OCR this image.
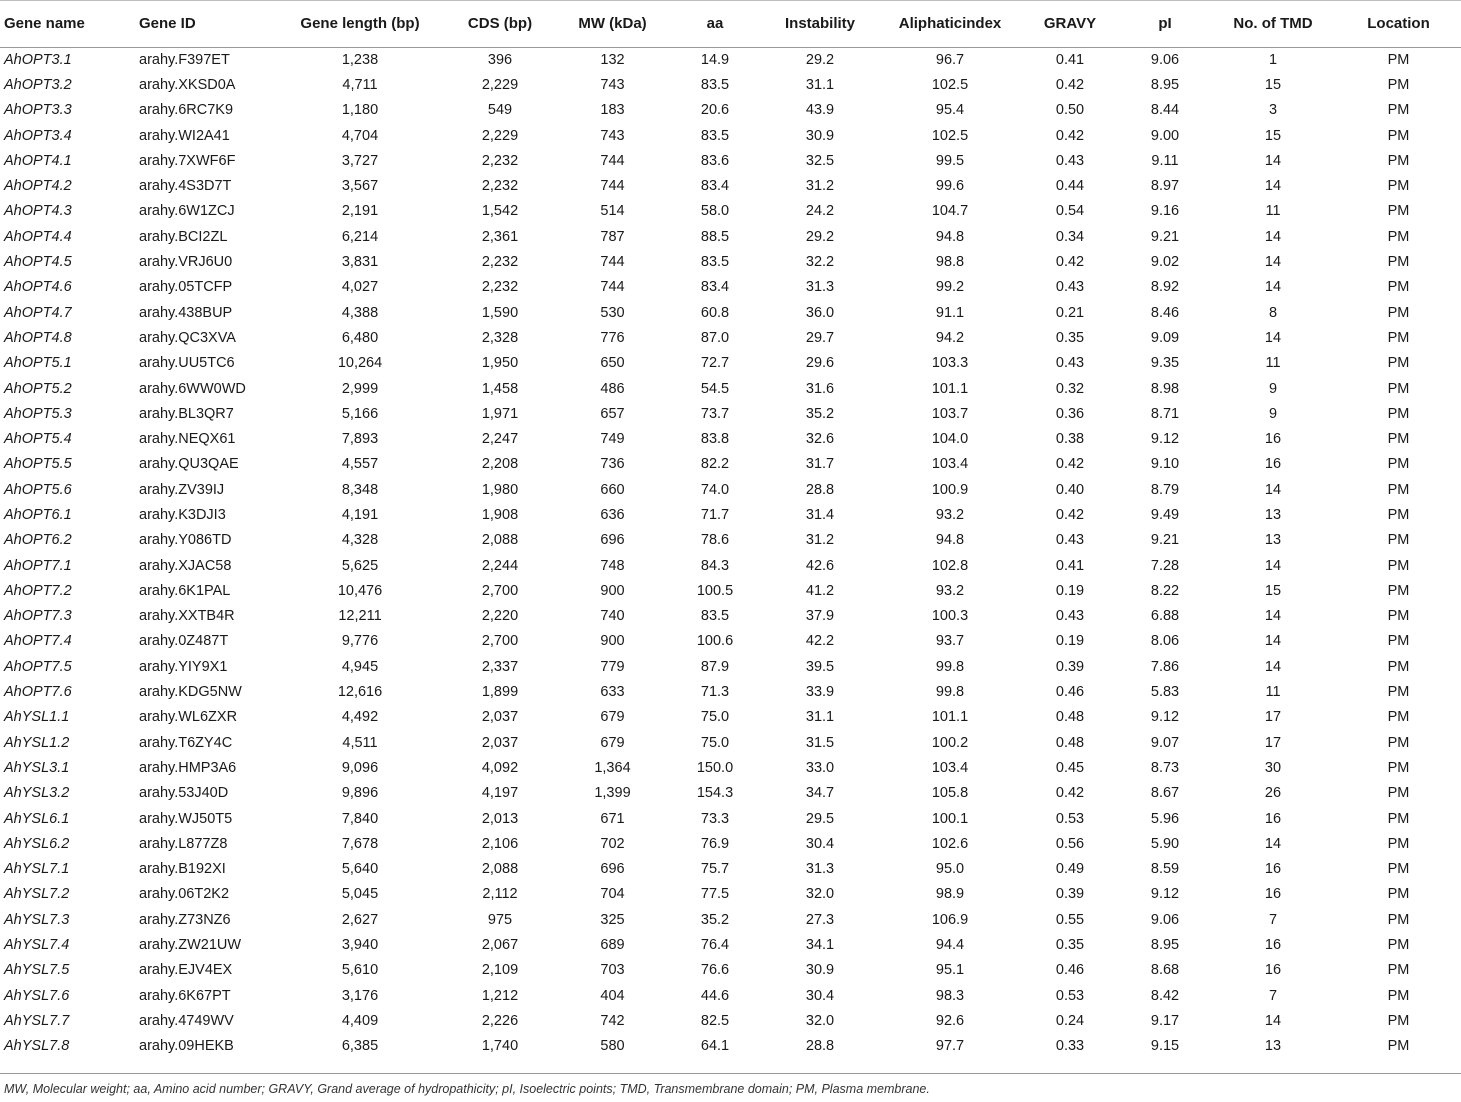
Gene name	Gene ID	Gene length (bp)	CDS (bp)	MW (kDa)	aa	Instability	Aliphaticindex	GRAVY	pI	No. of TMD	Location
AhOPT3.1	arahy.F397ET	1,238	396	132	14.9	29.2	96.7	0.41	9.06	1	PM
AhOPT3.2	arahy.XKSD0A	4,711	2,229	743	83.5	31.1	102.5	0.42	8.95	15	PM
AhOPT3.3	arahy.6RC7K9	1,180	549	183	20.6	43.9	95.4	0.50	8.44	3	PM
AhOPT3.4	arahy.WI2A41	4,704	2,229	743	83.5	30.9	102.5	0.42	9.00	15	PM
AhOPT4.1	arahy.7XWF6F	3,727	2,232	744	83.6	32.5	99.5	0.43	9.11	14	PM
AhOPT4.2	arahy.4S3D7T	3,567	2,232	744	83.4	31.2	99.6	0.44	8.97	14	PM
AhOPT4.3	arahy.6W1ZCJ	2,191	1,542	514	58.0	24.2	104.7	0.54	9.16	11	PM
AhOPT4.4	arahy.BCI2ZL	6,214	2,361	787	88.5	29.2	94.8	0.34	9.21	14	PM
AhOPT4.5	arahy.VRJ6U0	3,831	2,232	744	83.5	32.2	98.8	0.42	9.02	14	PM
AhOPT4.6	arahy.05TCFP	4,027	2,232	744	83.4	31.3	99.2	0.43	8.92	14	PM
AhOPT4.7	arahy.438BUP	4,388	1,590	530	60.8	36.0	91.1	0.21	8.46	8	PM
AhOPT4.8	arahy.QC3XVA	6,480	2,328	776	87.0	29.7	94.2	0.35	9.09	14	PM
AhOPT5.1	arahy.UU5TC6	10,264	1,950	650	72.7	29.6	103.3	0.43	9.35	11	PM
AhOPT5.2	arahy.6WW0WD	2,999	1,458	486	54.5	31.6	101.1	0.32	8.98	9	PM
AhOPT5.3	arahy.BL3QR7	5,166	1,971	657	73.7	35.2	103.7	0.36	8.71	9	PM
AhOPT5.4	arahy.NEQX61	7,893	2,247	749	83.8	32.6	104.0	0.38	9.12	16	PM
AhOPT5.5	arahy.QU3QAE	4,557	2,208	736	82.2	31.7	103.4	0.42	9.10	16	PM
AhOPT5.6	arahy.ZV39IJ	8,348	1,980	660	74.0	28.8	100.9	0.40	8.79	14	PM
AhOPT6.1	arahy.K3DJI3	4,191	1,908	636	71.7	31.4	93.2	0.42	9.49	13	PM
AhOPT6.2	arahy.Y086TD	4,328	2,088	696	78.6	31.2	94.8	0.43	9.21	13	PM
AhOPT7.1	arahy.XJAC58	5,625	2,244	748	84.3	42.6	102.8	0.41	7.28	14	PM
AhOPT7.2	arahy.6K1PAL	10,476	2,700	900	100.5	41.2	93.2	0.19	8.22	15	PM
AhOPT7.3	arahy.XXTB4R	12,211	2,220	740	83.5	37.9	100.3	0.43	6.88	14	PM
AhOPT7.4	arahy.0Z487T	9,776	2,700	900	100.6	42.2	93.7	0.19	8.06	14	PM
AhOPT7.5	arahy.YIY9X1	4,945	2,337	779	87.9	39.5	99.8	0.39	7.86	14	PM
AhOPT7.6	arahy.KDG5NW	12,616	1,899	633	71.3	33.9	99.8	0.46	5.83	11	PM
AhYSL1.1	arahy.WL6ZXR	4,492	2,037	679	75.0	31.1	101.1	0.48	9.12	17	PM
AhYSL1.2	arahy.T6ZY4C	4,511	2,037	679	75.0	31.5	100.2	0.48	9.07	17	PM
AhYSL3.1	arahy.HMP3A6	9,096	4,092	1,364	150.0	33.0	103.4	0.45	8.73	30	PM
AhYSL3.2	arahy.53J40D	9,896	4,197	1,399	154.3	34.7	105.8	0.42	8.67	26	PM
AhYSL6.1	arahy.WJ50T5	7,840	2,013	671	73.3	29.5	100.1	0.53	5.96	16	PM
AhYSL6.2	arahy.L877Z8	7,678	2,106	702	76.9	30.4	102.6	0.56	5.90	14	PM
AhYSL7.1	arahy.B192XI	5,640	2,088	696	75.7	31.3	95.0	0.49	8.59	16	PM
AhYSL7.2	arahy.06T2K2	5,045	2,112	704	77.5	32.0	98.9	0.39	9.12	16	PM
AhYSL7.3	arahy.Z73NZ6	2,627	975	325	35.2	27.3	106.9	0.55	9.06	7	PM
AhYSL7.4	arahy.ZW21UW	3,940	2,067	689	76.4	34.1	94.4	0.35	8.95	16	PM
AhYSL7.5	arahy.EJV4EX	5,610	2,109	703	76.6	30.9	95.1	0.46	8.68	16	PM
AhYSL7.6	arahy.6K67PT	3,176	1,212	404	44.6	30.4	98.3	0.53	8.42	7	PM
AhYSL7.7	arahy.4749WV	4,409	2,226	742	82.5	32.0	92.6	0.24	9.17	14	PM
AhYSL7.8	arahy.09HEKB	6,385	1,740	580	64.1	28.8	97.7	0.33	9.15	13	PM
MW, Molecular weight; aa, Amino acid number; GRAVY, Grand average of hydropathicity; pI, Isoelectric points; TMD, Transmembrane domain; PM, Plasma membrane.
